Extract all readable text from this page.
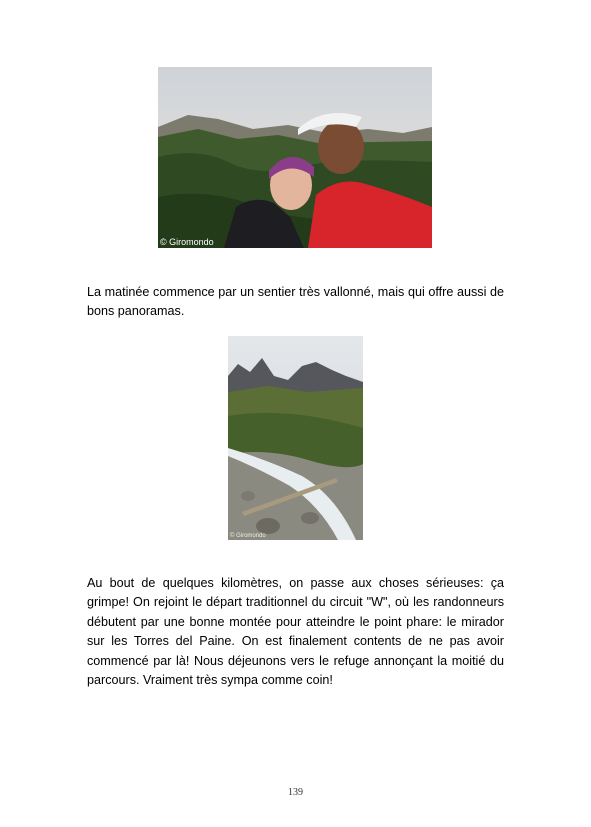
© Giromondo

La matinée commence par un sentier très vallonné, mais qui offre aussi de bons panoramas.

© Giromondo

Au bout de quelques kilomètres, on passe aux choses sérieuses: ça grimpe! On rejoint le départ traditionnel du circuit "W", où les randonneurs débutent par une bonne montée pour atteindre le point phare: le mirador sur les Torres del Paine. On est finalement contents de ne pas avoir commencé par là! Nous déjeunons vers le refuge annonçant la moitié du parcours. Vraiment très sympa comme coin!

139
